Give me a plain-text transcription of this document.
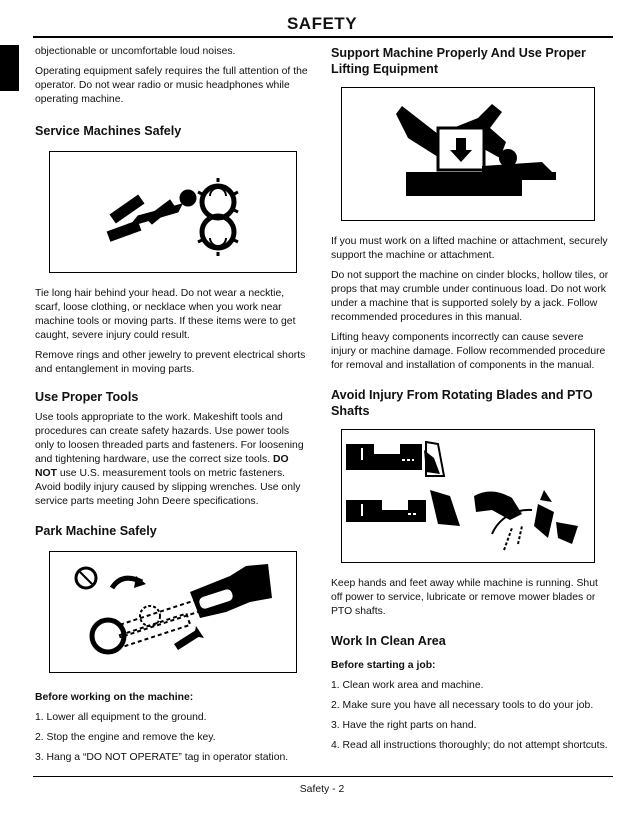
SAFETY

objectionable or uncomfortable loud noises.

Operating equipment safely requires the full attention of the operator. Do not wear radio or music headphones while operating machine.

Service Machines Safely

Tie long hair behind your head. Do not wear a necktie, scarf, loose clothing, or necklace when you work near machine tools or moving parts. If these items were to get caught, severe injury could result.

Remove rings and other jewelry to prevent electrical shorts and entanglement in moving parts.

Use Proper Tools

Use tools appropriate to the work. Makeshift tools and procedures can create safety hazards. Use power tools only to loosen threaded parts and fasteners. For loosening and tightening hardware, use the correct size tools. DO NOT use U.S. measurement tools on metric fasteners. Avoid bodily injury caused by slipping wrenches. Use only service parts meeting John Deere specifications.

Park Machine Safely

Before working on the machine:

1. Lower all equipment to the ground.
2. Stop the engine and remove the key.
3. Hang a “DO NOT OPERATE” tag in operator station.
Support Machine Properly And Use Proper Lifting Equipment

If you must work on a lifted machine or attachment, securely support the machine or attachment.

Do not support the machine on cinder blocks, hollow tiles, or props that may crumble under continuous load. Do not work under a machine that is supported solely by a jack. Follow recommended procedures in this manual.

Lifting heavy components incorrectly can cause severe injury or machine damage. Follow recommended procedure for removal and installation of components in the manual.

Avoid Injury From Rotating Blades and PTO Shafts

Keep hands and feet away while machine is running. Shut off power to service, lubricate or remove mower blades or PTO shafts.

Work In Clean Area

Before starting a job:

1. Clean work area and machine.
2. Make sure you have all necessary tools to do your job.
3. Have the right parts on hand.
4. Read all instructions thoroughly; do not attempt shortcuts.
Safety - 2
